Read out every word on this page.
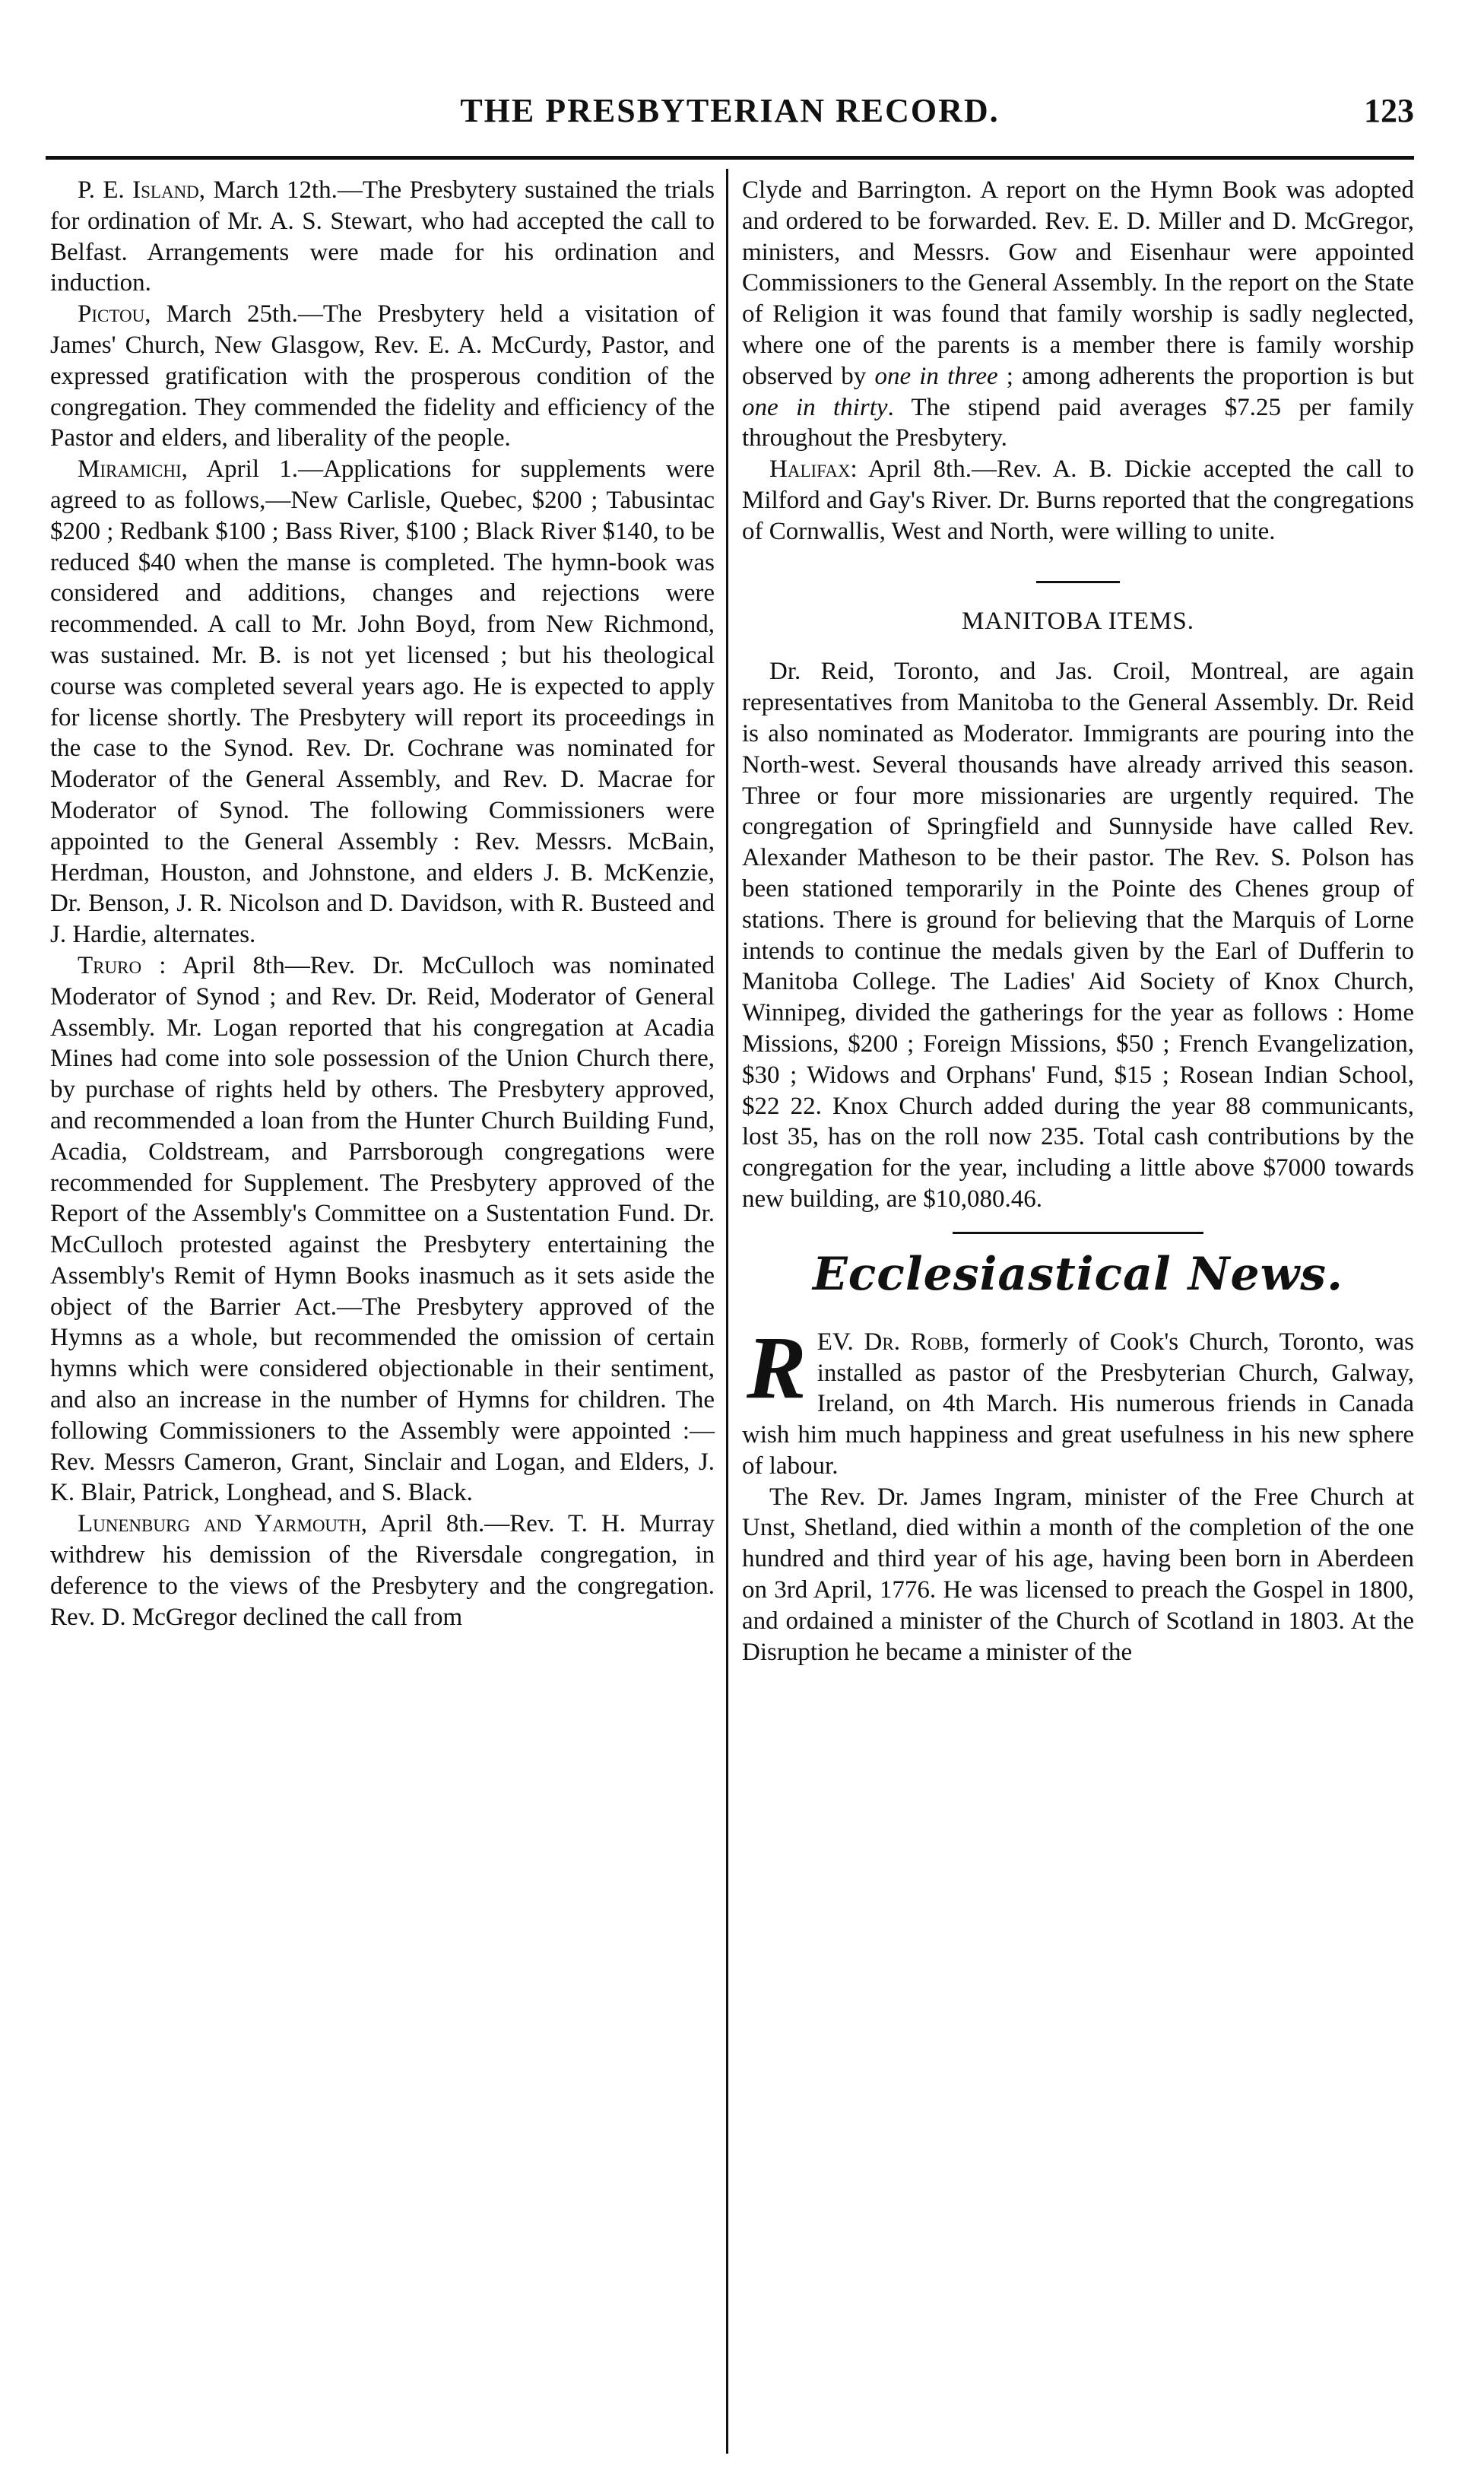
THE PRESBYTERIAN RECORD.	123

P. E. Island, March 12th.—The Presbytery sustained the trials for ordination of Mr. A. S. Stewart, who had accepted the call to Belfast. Arrangements were made for his ordination and induction.

Pictou, March 25th.—The Presbytery held a visitation of James' Church, New Glasgow, Rev. E. A. McCurdy, Pastor, and expressed gratification with the prosperous condition of the congregation. They commended the fidelity and efficiency of the Pastor and elders, and liberality of the people.

Miramichi, April 1.—Applications for supplements were agreed to as follows,—New Carlisle, Quebec, $200 ; Tabusintac $200 ; Redbank $100 ; Bass River, $100 ; Black River $140, to be reduced $40 when the manse is completed. The hymn-book was considered and additions, changes and rejections were recommended. A call to Mr. John Boyd, from New Richmond, was sustained. Mr. B. is not yet licensed ; but his theological course was completed several years ago. He is expected to apply for license shortly. The Presbytery will report its proceedings in the case to the Synod. Rev. Dr. Cochrane was nominated for Moderator of the General Assembly, and Rev. D. Macrae for Moderator of Synod. The following Commissioners were appointed to the General Assembly : Rev. Messrs. McBain, Herdman, Houston, and Johnstone, and elders J. B. McKenzie, Dr. Benson, J. R. Nicolson and D. Davidson, with R. Busteed and J. Hardie, alternates.

Truro : April 8th—Rev. Dr. McCulloch was nominated Moderator of Synod ; and Rev. Dr. Reid, Moderator of General Assembly. Mr. Logan reported that his congregation at Acadia Mines had come into sole possession of the Union Church there, by purchase of rights held by others. The Presbytery approved, and recommended a loan from the Hunter Church Building Fund, Acadia, Coldstream, and Parrsborough congregations were recommended for Supplement. The Presbytery approved of the Report of the Assembly's Committee on a Sustentation Fund. Dr. McCulloch protested against the Presbytery entertaining the Assembly's Remit of Hymn Books inasmuch as it sets aside the object of the Barrier Act.—The Presbytery approved of the Hymns as a whole, but recommended the omission of certain hymns which were considered objectionable in their sentiment, and also an increase in the number of Hymns for children. The following Commissioners to the Assembly were appointed :—Rev. Messrs Cameron, Grant, Sinclair and Logan, and Elders, J. K. Blair, Patrick, Longhead, and S. Black.

Lunenburg and Yarmouth, April 8th.—Rev. T. H. Murray withdrew his demission of the Riversdale congregation, in deference to the views of the Presbytery and the congregation. Rev. D. McGregor declined the call from

Clyde and Barrington. A report on the Hymn Book was adopted and ordered to be forwarded. Rev. E. D. Miller and D. McGregor, ministers, and Messrs. Gow and Eisenhaur were appointed Commissioners to the General Assembly. In the report on the State of Religion it was found that family worship is sadly neglected, where one of the parents is a member there is family worship observed by one in three ; among adherents the proportion is but one in thirty. The stipend paid averages $7.25 per family throughout the Presbytery.

Halifax: April 8th.—Rev. A. B. Dickie accepted the call to Milford and Gay's River. Dr. Burns reported that the congregations of Cornwallis, West and North, were willing to unite.

MANITOBA ITEMS.

Dr. Reid, Toronto, and Jas. Croil, Montreal, are again representatives from Manitoba to the General Assembly. Dr. Reid is also nominated as Moderator. Immigrants are pouring into the North-west. Several thousands have already arrived this season. Three or four more missionaries are urgently required. The congregation of Springfield and Sunnyside have called Rev. Alexander Matheson to be their pastor. The Rev. S. Polson has been stationed temporarily in the Pointe des Chenes group of stations. There is ground for believing that the Marquis of Lorne intends to continue the medals given by the Earl of Dufferin to Manitoba College. The Ladies' Aid Society of Knox Church, Winnipeg, divided the gatherings for the year as follows : Home Missions, $200 ; Foreign Missions, $50 ; French Evangelization, $30 ; Widows and Orphans' Fund, $15 ; Rosean Indian School, $22 22. Knox Church added during the year 88 communicants, lost 35, has on the roll now 235. Total cash contributions by the congregation for the year, including a little above $7000 towards new building, are $10,080.46.

Ecclesiastical News.

REV. Dr. Robb, formerly of Cook's Church, Toronto, was installed as pastor of the Presbyterian Church, Galway, Ireland, on 4th March. His numerous friends in Canada wish him much happiness and great usefulness in his new sphere of labour.

The Rev. Dr. James Ingram, minister of the Free Church at Unst, Shetland, died within a month of the completion of the one hundred and third year of his age, having been born in Aberdeen on 3rd April, 1776. He was licensed to preach the Gospel in 1800, and ordained a minister of the Church of Scotland in 1803. At the Disruption he became a minister of the
